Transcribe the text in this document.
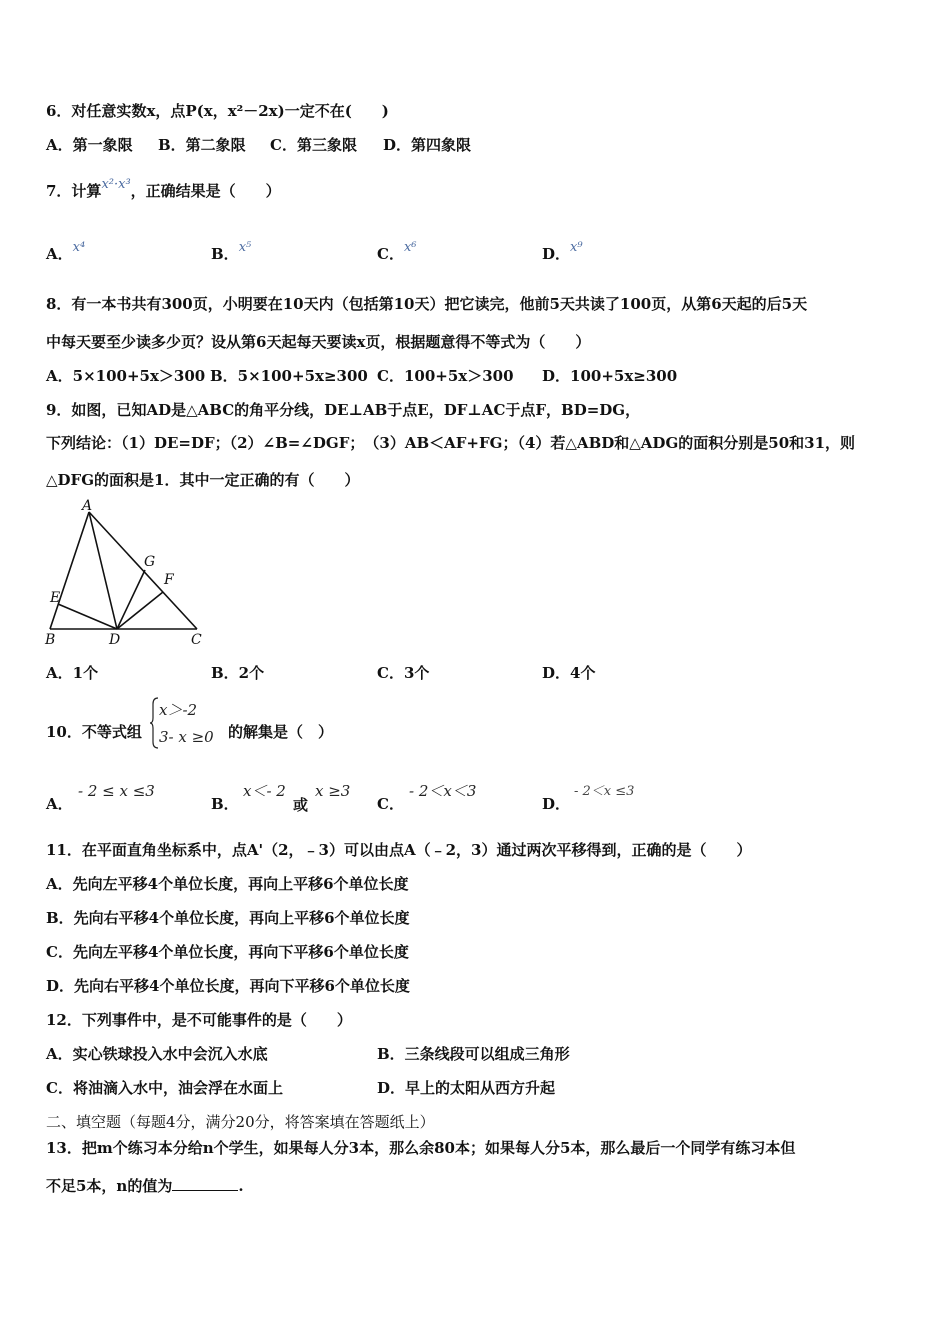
6．对任意实数x，点P(x，x²－2x)一定不在(　　)
A．第一象限 B．第二象限 C．第三象限 D．第四象限
7．计算x²·x³，正确结果是（　　）
A．x⁴	B．x⁵	C．x⁶	D．x⁹
8．有一本书共有300页，小明要在10天内（包括第10天）把它读完，他前5天共读了100页，从第6天起的后5天
中每天要至少读多少页？设从第6天起每天要读x页，根据题意得不等式为（　　）
A．5×100+5x＞300 B．5×100+5x≥300 C．100+5x＞300 D．100+5x≥300
9．如图，已知AD是△ABC的角平分线，DE⊥AB于点E，DF⊥AC于点F，BD=DG，
下列结论：（1）DE=DF；（2）∠B=∠DGF；　（3）AB＜AF+FG；（4）若△ABD和△ADG的面积分别是50和31，则
△DFG的面积是1．其中一定正确的有（　　）
A
B	C
D
E
F
G
A．1个	B．2个	C．3个	D．4个
10．不等式组
x＞-2
3- x ≥0 的解集是（　）
A．
- 2 ≤ x ≤3
B．
x＜- 2
或
x ≥3
C．
- 2＜x＜3
D．
- 2＜x ≤3
11．在平面直角坐标系中，点A'（2，﹣3）可以由点A（﹣2，3）通过两次平移得到，正确的是（　　）
A．先向左平移4个单位长度，再向上平移6个单位长度
B．先向右平移4个单位长度，再向上平移6个单位长度
C．先向左平移4个单位长度，再向下平移6个单位长度
D．先向右平移4个单位长度，再向下平移6个单位长度
12．下列事件中，是不可能事件的是（　　）
A．实心铁球投入水中会沉入水底	B．三条线段可以组成三角形
C．将油滴入水中，油会浮在水面上	D．早上的太阳从西方升起
二、填空题（每题4分，满分20分，将答案填在答题纸上）
13．把m个练习本分给n个学生，如果每人分3本，那么余80本；如果每人分5本，那么最后一个同学有练习本但
不足5本，n的值为	.
